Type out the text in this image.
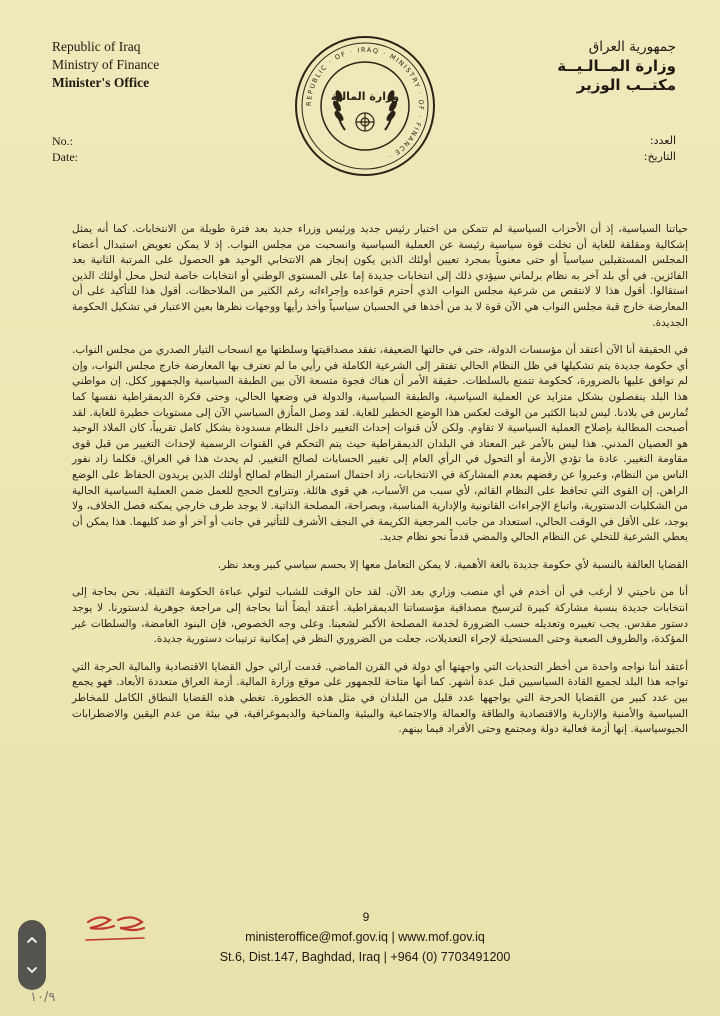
Republic of Iraq
Ministry of Finance
Minister's Office
REPUBLIC · OF · IRAQ · MINISTRY · OF · FINANCE ·
وزارة المالية
جمهورية العراق
وزارة المــالـيــة
مكتــب الوزير
No.:
Date:
العدد:
التاريخ:

حياتنا السياسية، إذ أن الأحزاب السياسية لم تتمكن من اختيار رئيس جديد ورئيس وزراء جديد بعد فترة طويلة من الانتخابات. كما أنه يمثل إشكالية ومقلقة للغاية أن تخلت قوة سياسية رئيسة عن العملية السياسية وانسحبت من مجلس النواب. إذ لا يمكن تعويض استبدال أعضاء المجلس المستقيلين سياسياً أو حتى معنوياً بمجرد تعيين أولئك الذين يكون إنجاز هم الانتخابي الوحيد هو الحصول على المرتبة الثانية بعد الفائزين. في أي بلد آخر به نظام برلماني سيؤدي ذلك إلى انتخابات جديدة إما على المستوى الوطني أو انتخابات خاصة لتحل محل أولئك الذين استقالوا. أقول هذا لا لانتقص من شرعية مجلس النواب الذي أحترم قواعده وإجراءاته رغم الكثير من الملاحظات. أقول هذا للتأكيد على أن المعارضة خارج قبة مجلس النواب هي الآن قوة لا بد من أخذها في الحسبان سياسياً وأخذ رأيها ووجهات نظرها بعين الاعتبار في تشكيل الحكومة الجديدة.

في الحقيقة أنا الآن أعتقد أن مؤسسات الدولة، حتى في حالتها الضعيفة، تفقد مصداقيتها وسلطتها مع انسحاب التيار الصدري من مجلس النواب. أي حكومة جديدة يتم تشكيلها في ظل النظام الحالي تفتقر إلى الشرعية الكاملة في رأيي ما لم تعترف بها المعارضة خارج مجلس النواب، وإن لم توافق عليها بالضرورة، كحكومة تتمتع بالسلطات. حقيقة الأمر أن هناك فجوة متسعة الآن بين الطبقة السياسية والجمهور ككل. إن مواطني هذا البلد ينفصلون بشكل متزايد عن العملية السياسية، والطبقة السياسية، والدولة في وضعها الحالي، وحتى فكرة الديمقراطية نفسها كما تُمارس في بلادنا. ليس لدينا الكثير من الوقت لعكس هذا الوضع الخطير للغاية. لقد وصل المأزق السياسي الآن إلى مستويات خطيرة للغاية. لقد أصبحت المطالبة بإصلاح العملية السياسية لا تقاوم. ولكن لأن قنوات إحداث التغيير داخل النظام مسدودة بشكل كامل تقريباً، كان الملاذ الوحيد هو العصيان المدني. هذا ليس بالأمر غير المعتاد في البلدان الديمقراطية حيث يتم التحكم في القنوات الرسمية لإحداث التغيير من قبل قوى مقاومة التغيير. عادة ما تؤدي الأزمة أو التحول في الرأي العام إلى تغيير الحسابات لصالح التغيير. لم يحدث هذا في العراق. فكلما زاد نفور الناس من النظام، وعبروا عن رفضهم بعدم المشاركة في الانتخابات، زاد احتمال استمرار النظام لصالح أولئك الذين يريدون الحفاظ على الوضع الراهن. إن القوى التي تحافظ على النظام القائم، لأي سبب من الأسباب، هي قوى هائلة. وتتراوح الحجج للعمل ضمن العملية السياسية الحالية من الشكليات الدستورية، واتباع الإجراءات القانونية والإدارية المناسبة، وبصراحة، المصلحة الذاتية. لا يوجد طرف خارجي يمكنه فصل الخلاف، ولا يوجد، على الأقل في الوقت الحالي، استعداد من جانب المرجعية الكريمة في النجف الأشرف للتأثير في جانب أو آخر أو ضد كليهما. هذا يمكن أن يعطي الشرعية للتخلي عن النظام الحالي والمضي قدماً نحو نظام جديد.

القضايا العالقة بالنسبة لأي حكومة جديدة بالغة الأهمية. لا يمكن التعامل معها إلا بحسم سياسي كبير وبعد نظر.

أنا من ناحيتي لا أرغب في أن أخدم في أي منصب وزاري بعد الآن. لقد حان الوقت للشباب لتولي عباءة الحكومة الثقيلة. نحن بحاجة إلى انتخابات جديدة بنسبة مشاركة كبيرة لترسيخ مصداقية مؤسساتنا الديمقراطية. أعتقد أيضاً أننا بحاجة إلى مراجعة جوهرية لدستورنا. لا يوجد دستور مقدس. يجب تغييره وتعديله حسب الضرورة لخدمة المصلحة الأكبر لشعبنا. وعلى وجه الخصوص، فإن البنود الغامضة، والسلطات غير المؤكدة، والظروف الصعبة وحتى المستحيلة لإجراء التعديلات، جعلت من الضروري النظر في إمكانية ترتيبات دستورية جديدة.

أعتقد أننا نواجه واحدة من أخطر التحديات التي واجهتها أي دولة في القرن الماضي. قدمت آرائي حول القضايا الاقتصادية والمالية الحرجة التي تواجه هذا البلد لجميع القادة السياسيين قبل عدة أشهر. كما أنها متاحة للجمهور على موقع وزارة المالية. أزمة العراق متعددة الأبعاد. فهو يجمع بين عدد كبير من القضايا الحرجة التي يواجهها عدد قليل من البلدان في مثل هذه الخطورة. تغطي هذه القضايا النطاق الكامل للمخاطر السياسية والأمنية والإدارية والاقتصادية والطاقة والعمالة والاجتماعية والبيئية والمناخية والديموغرافية، في بيئة من عدم اليقين والاضطرابات الجيوسياسية. إنها أزمة فعالية دولة ومجتمع وحتى الأفراد فيما بينهم.

9
ministeroffice@mof.gov.iq | www.mof.gov.iq
St.6, Dist.147, Baghdad, Iraq | +964 (0) 7703491200
١٠/٩
